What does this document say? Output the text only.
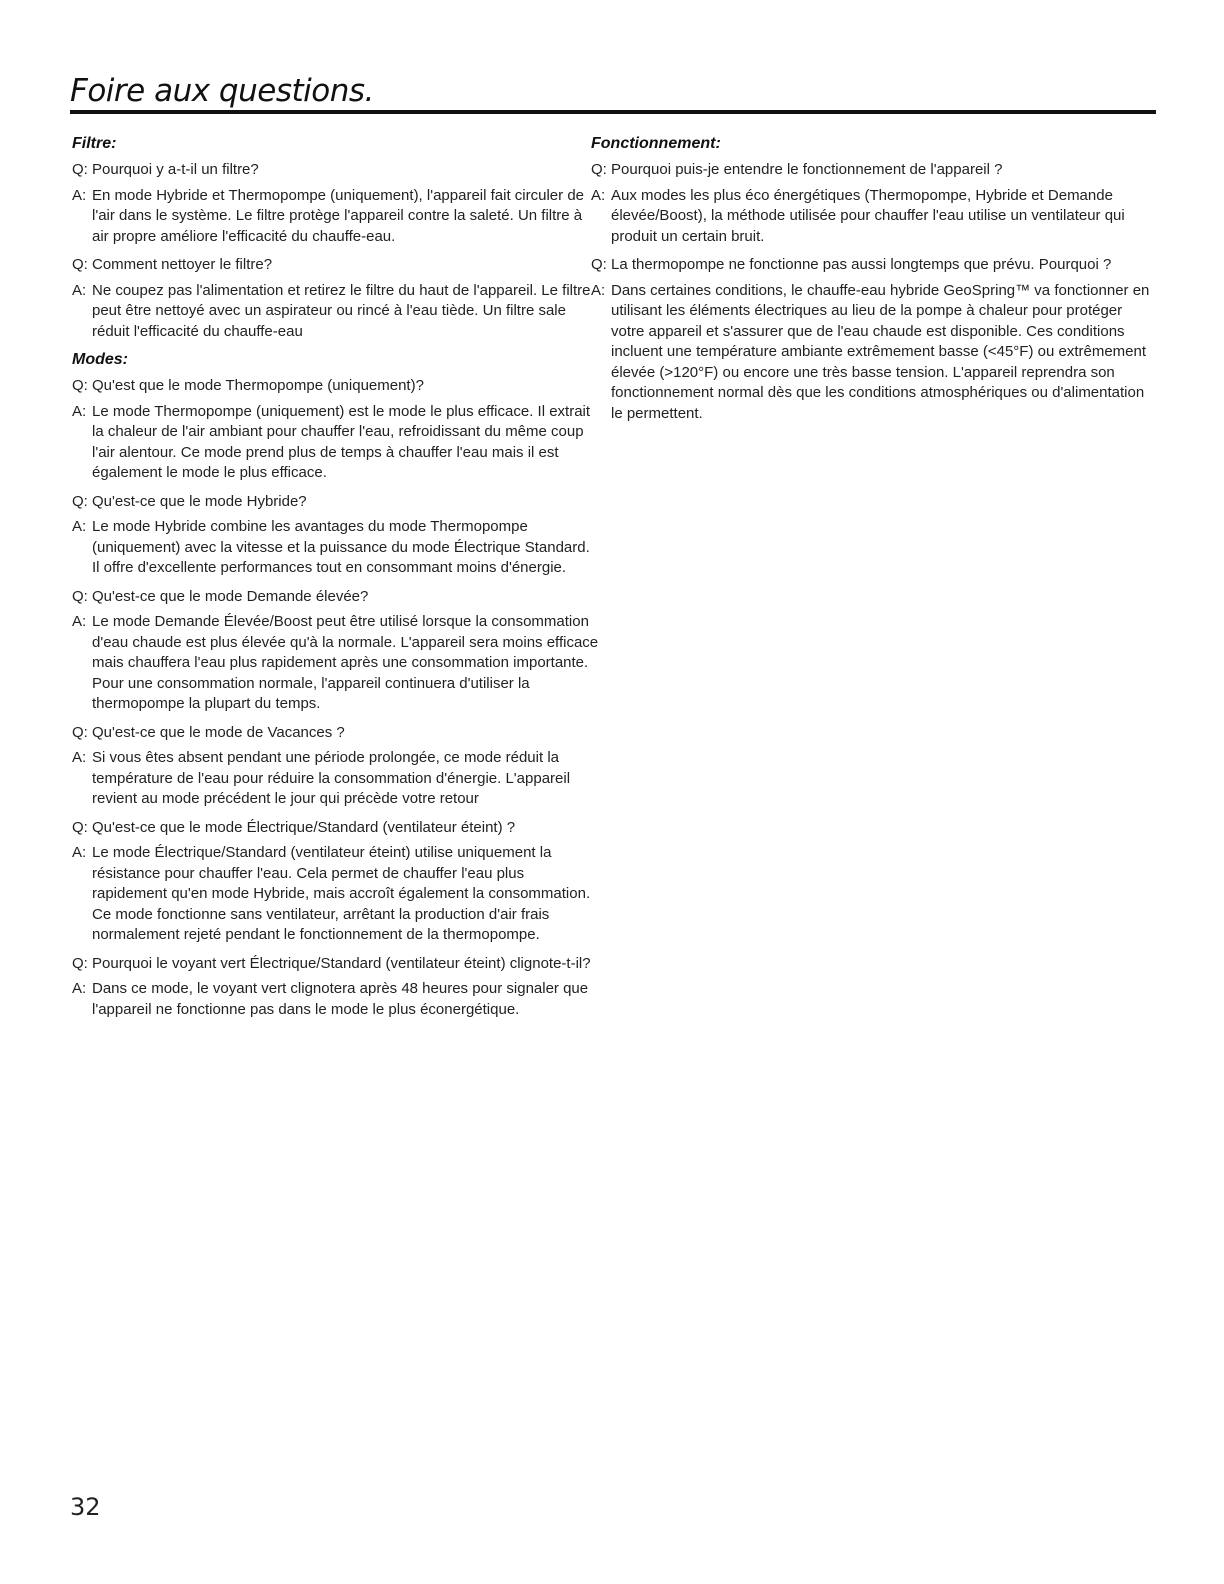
Foire aux questions.
Filtre:
Q: Pourquoi y a-t-il un filtre?
A: En mode Hybride et Thermopompe (uniquement), l'appareil fait circuler de l'air dans le système. Le filtre protège l'appareil contre la saleté. Un filtre à air propre améliore l'efficacité du chauffe-eau.
Q: Comment nettoyer le filtre?
A: Ne coupez pas l'alimentation et retirez le filtre du haut de l'appareil. Le filtre peut être nettoyé avec un aspirateur ou rincé à l'eau tiède. Un filtre sale réduit l'efficacité du chauffe-eau
Modes:
Q: Qu'est que le mode Thermopompe (uniquement)?
A: Le mode Thermopompe (uniquement) est le mode le plus efficace. Il extrait la chaleur de l'air ambiant pour chauffer l'eau, refroidissant du même coup l'air alentour. Ce mode prend plus de temps à chauffer l'eau mais il est également le mode le plus efficace.
Q: Qu'est-ce que le mode Hybride?
A: Le mode Hybride combine les avantages du mode Thermopompe (uniquement) avec la vitesse et la puissance du mode Électrique Standard. Il offre d'excellente performances tout en consommant moins d'énergie.
Q: Qu'est-ce que le mode Demande élevée?
A: Le mode Demande Élevée/Boost peut être utilisé lorsque la consommation d'eau chaude est plus élevée qu'à la normale. L'appareil sera moins efficace mais chauffera l'eau plus rapidement après une consommation importante. Pour une consommation normale, l'appareil continuera d'utiliser la thermopompe la plupart du temps.
Q: Qu'est-ce que le mode de Vacances ?
A: Si vous êtes absent pendant une période prolongée, ce mode réduit la température de l'eau pour réduire la consommation d'énergie. L'appareil revient au mode précédent le jour qui précède votre retour
Q: Qu'est-ce que le mode Électrique/Standard (ventilateur éteint) ?
A: Le mode Électrique/Standard (ventilateur éteint) utilise uniquement la résistance pour chauffer l'eau. Cela permet de chauffer l'eau plus rapidement qu'en mode Hybride, mais accroît également la consommation. Ce mode fonctionne sans ventilateur, arrêtant la production d'air frais normalement rejeté pendant le fonctionnement de la thermopompe.
Q: Pourquoi le voyant vert Électrique/Standard (ventilateur éteint) clignote-t-il?
A: Dans ce mode, le voyant vert clignotera après 48 heures pour signaler que l'appareil ne fonctionne pas dans le mode le plus éconergétique.
Fonctionnement:
Q: Pourquoi puis-je entendre le fonctionnement de l'appareil ?
A: Aux modes les plus éco énergétiques (Thermopompe, Hybride et Demande élevée/Boost), la méthode utilisée pour chauffer l'eau utilise un ventilateur qui produit un certain bruit.
Q: La thermopompe ne fonctionne pas aussi longtemps que prévu. Pourquoi ?
A: Dans certaines conditions, le chauffe-eau hybride GeoSpring™ va fonctionner en utilisant les éléments électriques au lieu de la pompe à chaleur pour protéger votre appareil et s'assurer que de l'eau chaude est disponible. Ces conditions incluent une température ambiante extrêmement basse (<45°F) ou extrêmement élevée (>120°F) ou encore une très basse tension. L'appareil reprendra son fonctionnement normal dès que les conditions atmosphériques ou d'alimentation le permettent.
32
